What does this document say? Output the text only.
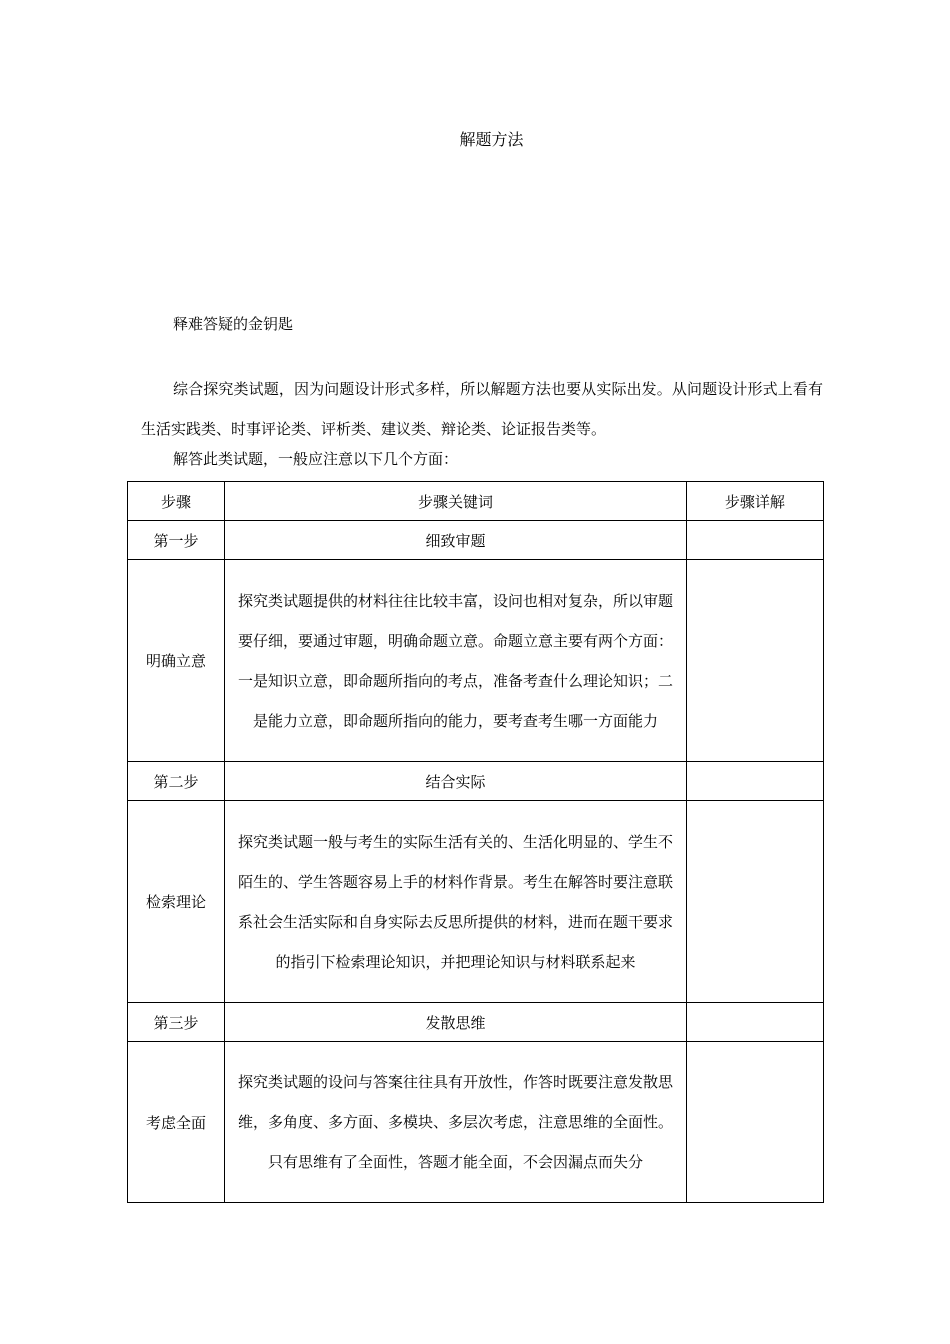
解题方法
释难答疑的金钥匙
综合探究类试题，因为问题设计形式多样，所以解题方法也要从实际出发。从问题设计形式上看有生活实践类、时事评论类、评析类、建议类、辩论类、论证报告类等。
解答此类试题，一般应注意以下几个方面：
步骤	步骤关键词	步骤详解
第一步	细致审题	
明确立意	探究类试题提供的材料往往比较丰富，设问也相对复杂，所以审题要仔细，要通过审题，明确命题立意。命题立意主要有两个方面：一是知识立意，即命题所指向的考点，准备考查什么理论知识；二是能力立意，即命题所指向的能力，要考查考生哪一方面能力	
第二步	结合实际	
检索理论	探究类试题一般与考生的实际生活有关的、生活化明显的、学生不陌生的、学生答题容易上手的材料作背景。考生在解答时要注意联系社会生活实际和自身实际去反思所提供的材料，进而在题干要求的指引下检索理论知识，并把理论知识与材料联系起来	
第三步	发散思维	
考虑全面	探究类试题的设问与答案往往具有开放性，作答时既要注意发散思维，多角度、多方面、多模块、多层次考虑，注意思维的全面性。只有思维有了全面性，答题才能全面，不会因漏点而失分	
